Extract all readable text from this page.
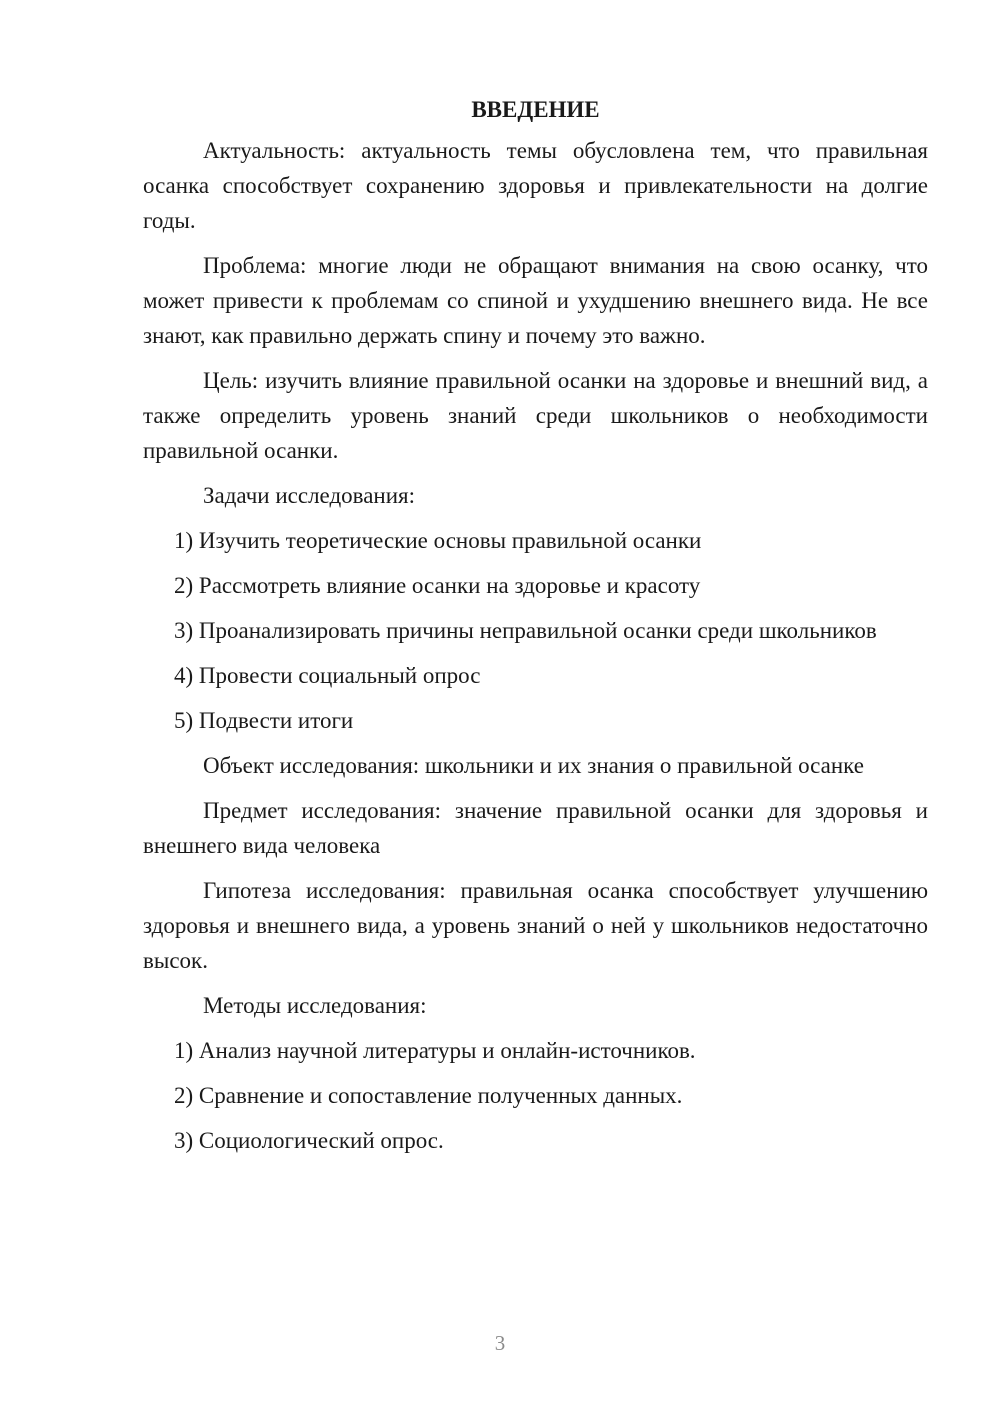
ВВЕДЕНИЕ

Актуальность: актуальность темы обусловлена тем, что правильная осанка способствует сохранению здоровья и привлекательности на долгие годы.

Проблема: многие люди не обращают внимания на свою осанку, что может привести к проблемам со спиной и ухудшению внешнего вида. Не все знают, как правильно держать спину и почему это важно.

Цель: изучить влияние правильной осанки на здоровье и внешний вид, а также определить уровень знаний среди школьников о необходимости правильной осанки.

Задачи исследования:

1) Изучить теоретические основы правильной осанки

2) Рассмотреть влияние осанки на здоровье и красоту

3) Проанализировать причины неправильной осанки среди школьников

4) Провести социальный опрос

5) Подвести итоги

Объект исследования: школьники и их знания о правильной осанке

Предмет исследования: значение правильной осанки для здоровья и внешнего вида человека

Гипотеза исследования: правильная осанка способствует улучшению здоровья и внешнего вида, а уровень знаний о ней у школьников недостаточно высок.

Методы исследования:

1) Анализ научной литературы и онлайн-источников.

2) Сравнение и сопоставление полученных данных.

3) Социологический опрос.

3
